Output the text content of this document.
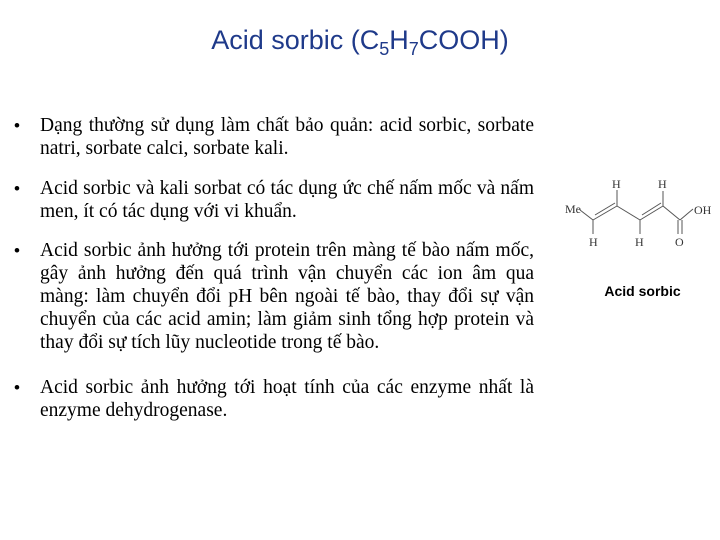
Acid sorbic $(C_5H_7COOH)$
• Dạng thường sử dụng làm chất bảo quản: acid sorbic, sorbate natri, sorbate calci, sorbate kali.
• Acid sorbic và kali sorbat có tác dụng ức chế nấm mốc và nấm men, ít có tác dụng với vi khuẩn.
• Acid sorbic ảnh hưởng tới protein trên màng tế bào nấm mốc, gây ảnh hưởng đến quá trình vận chuyển các ion âm qua màng: làm chuyển đổi pH bên ngoài tế bào, thay đổi sự vận chuyển của các acid amin; làm giảm sinh tổng hợp protein và thay đổi sự tích lũy nucleotide trong tế bào.
• Acid sorbic ảnh hưởng tới hoạt tính của các enzyme nhất là enzyme dehydrogenase.
Me
H	H
OH
H	H	O
Acid sorbic
